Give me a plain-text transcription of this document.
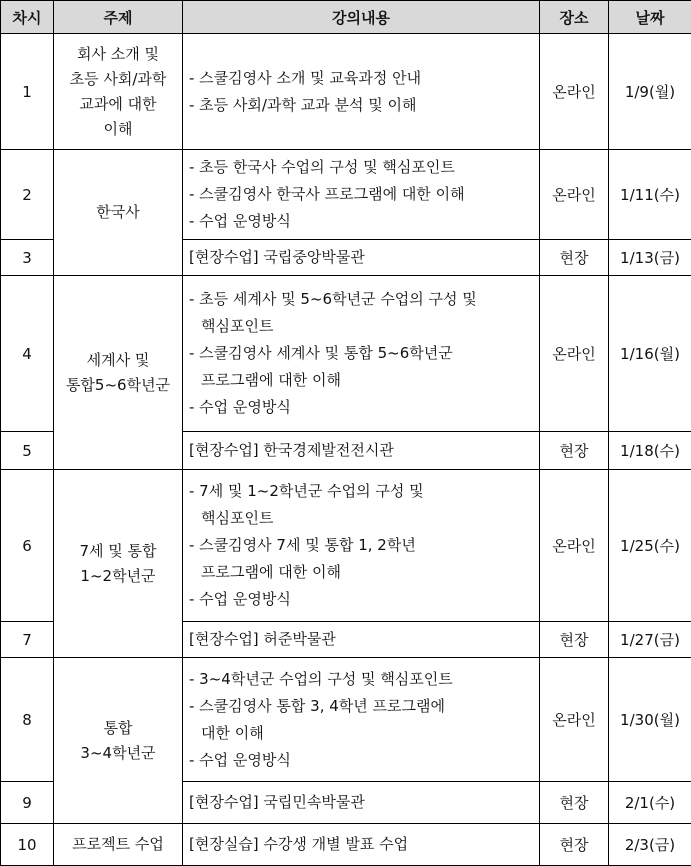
차시	주제	강의내용	장소	날짜
1	회사 소개 및
초등 사회/과학
교과에 대한
이해	- 스쿨김영사 소개 및 교육과정 안내
- 초등 사회/과학 교과 분석 및 이해	온라인	1/9(월)
2	한국사	- 초등 한국사 수업의 구성 및 핵심포인트
- 스쿨김영사 한국사 프로그램에 대한 이해
- 수업 운영방식	온라인	1/11(수)
3		[현장수업] 국립중앙박물관	현장	1/13(금)
4	세계사 및
통합5~6학년군	- 초등 세계사 및 5~6학년군 수업의 구성 및
핵심포인트
- 스쿨김영사 세계사 및 통합 5~6학년군
프로그램에 대한 이해
- 수업 운영방식	온라인	1/16(월)
5		[현장수업] 한국경제발전전시관	현장	1/18(수)
6	7세 및 통합
1~2학년군	- 7세 및 1~2학년군 수업의 구성 및
핵심포인트
- 스쿨김영사 7세 및 통합 1, 2학년
프로그램에 대한 이해
- 수업 운영방식	온라인	1/25(수)
7		[현장수업] 허준박물관	현장	1/27(금)
8	통합
3~4학년군	- 3~4학년군 수업의 구성 및 핵심포인트
- 스쿨김영사 통합 3, 4학년 프로그램에
대한 이해
- 수업 운영방식	온라인	1/30(월)
9		[현장수업] 국립민속박물관	현장	2/1(수)
10	프로젝트 수업	[현장실습] 수강생 개별 발표 수업	현장	2/3(금)
